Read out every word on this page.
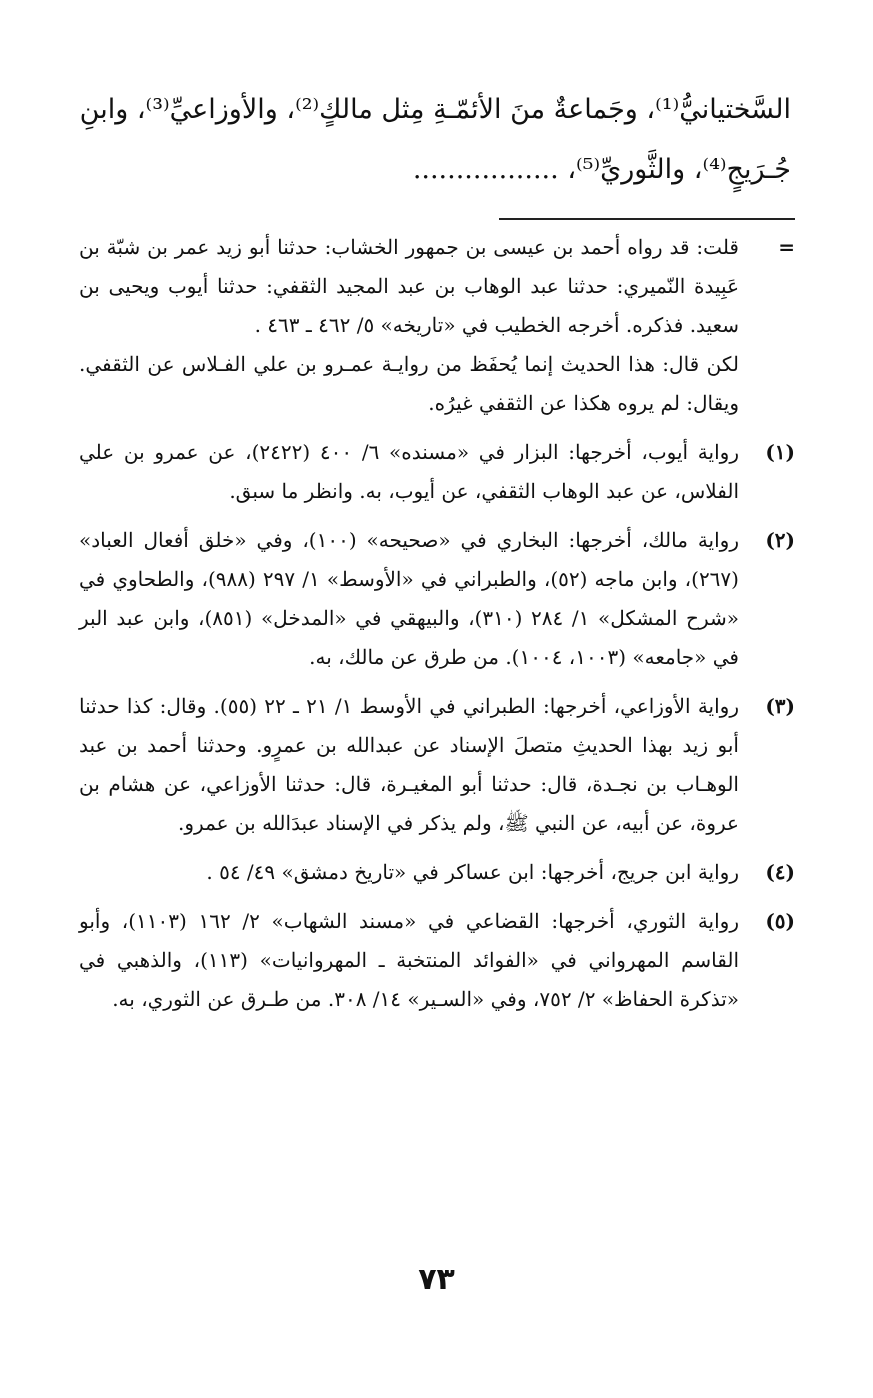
السَّختيانيُّ⁽¹⁾، وجَماعةٌ منَ الأئمّـةِ مِثل مالكٍ⁽²⁾، والأوزاعيِّ⁽³⁾، وابنِ
جُـرَيجٍ⁽⁴⁾، والثَّوريِّ⁽⁵⁾، .................
=

قلت: قد رواه أحمد بن عيسى بن جمهور الخشاب: حدثنا أبو زيد عمر بن شبّة بن عَبِيدة النّميري: حدثنا عبد الوهاب بن عبد المجيد الثقفي: حدثنا أيوب ويحيى بن سعيد. فذكره. أخرجه الخطيب في «تاريخه» ٥/ ٤٦٢ ـ ٤٦٣ .

لكن قال: هذا الحديث إنما يُحفَظ من روايـة عمـرو بن علي الفـلاس عن الثقفي. ويقال: لم يروه هكذا عن الثقفي غيرُه.

(١)
رواية أيوب، أخرجها: البزار في «مسنده» ٦/ ٤٠٠ (٢٤٢٢)، عن عمرو بن علي الفلاس، عن عبد الوهاب الثقفي، عن أيوب، به. وانظر ما سبق.
(٢)
رواية مالك، أخرجها: البخاري في «صحيحه» (١٠٠)، وفي «خلق أفعال العباد» (٢٦٧)، وابن ماجه (٥٢)، والطبراني في «الأوسط» ١/ ٢٩٧ (٩٨٨)، والطحاوي في «شرح المشكل» ١/ ٢٨٤ (٣١٠)، والبيهقي في «المدخل» (٨٥١)، وابن عبد البر في «جامعه» (١٠٠٣، ١٠٠٤). من طرق عن مالك، به.
(٣)
رواية الأوزاعي، أخرجها: الطبراني في الأوسط ١/ ٢١ ـ ٢٢ (٥٥). وقال: كذا حدثنا أبو زيد بهذا الحديثِ متصلَ الإسناد عن عبدالله بن عمرٍو. وحدثنا أحمد بن عبد الوهـاب بن نجـدة، قال: حدثنا أبو المغيـرة، قال: حدثنا الأوزاعي، عن هشام بن عروة، عن أبيه، عن النبي ﷺ، ولم يذكر في الإسناد عبدَالله بن عمرو.
(٤)
رواية ابن جريج، أخرجها: ابن عساكر في «تاريخ دمشق» ٤٩/ ٥٤ .
(٥)
رواية الثوري، أخرجها: القضاعي في «مسند الشهاب» ٢/ ١٦٢ (١١٠٣)، وأبو القاسم المهرواني في «الفوائد المنتخبة ـ المهروانيات» (١١٣)، والذهبي في «تذكرة الحفاظ» ٢/ ٧٥٢، وفي «السـير» ١٤/ ٣٠٨. من طـرق عن الثوري، به.
٧٣
